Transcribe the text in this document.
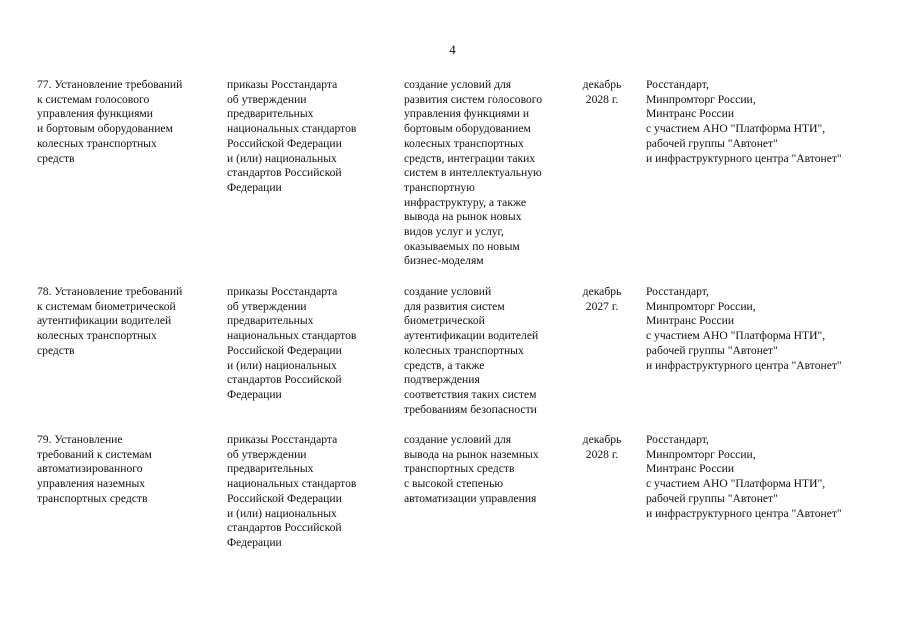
4
77. Установление требований
к системам голосового
управления функциями
и бортовым оборудованием
колесных транспортных
средств
приказы Росстандарта
об утверждении
предварительных
национальных стандартов
Российской Федерации
и (или) национальных
стандартов Российской
Федерации
создание условий для
развития систем голосового
управления функциями и
бортовым оборудованием
колесных транспортных
средств, интеграции таких
систем в интеллектуальную
транспортную
инфраструктуру, а также
вывода на рынок новых
видов услуг и услуг,
оказываемых по новым
бизнес-моделям
декабрь
2028 г.
Росстандарт,
Минпромторг России,
Минтранс России
с участием АНО "Платформа НТИ",
рабочей группы "Автонет"
и инфраструктурного центра "Автонет"
78. Установление требований
к системам биометрической
аутентификации водителей
колесных транспортных
средств
приказы Росстандарта
об утверждении
предварительных
национальных стандартов
Российской Федерации
и (или) национальных
стандартов Российской
Федерации
создание условий
для развития систем
биометрической
аутентификации водителей
колесных транспортных
средств, а также
подтверждения
соответствия таких систем
требованиям безопасности
декабрь
2027 г.
Росстандарт,
Минпромторг России,
Минтранс России
с участием АНО "Платформа НТИ",
рабочей группы "Автонет"
и инфраструктурного центра "Автонет"
79. Установление
требований к системам
автоматизированного
управления наземных
транспортных средств
приказы Росстандарта
об утверждении
предварительных
национальных стандартов
Российской Федерации
и (или) национальных
стандартов Российской
Федерации
создание условий для
вывода на рынок наземных
транспортных средств
с высокой степенью
автоматизации управления
декабрь
2028 г.
Росстандарт,
Минпромторг России,
Минтранс России
с участием АНО "Платформа НТИ",
рабочей группы "Автонет"
и инфраструктурного центра "Автонет"
